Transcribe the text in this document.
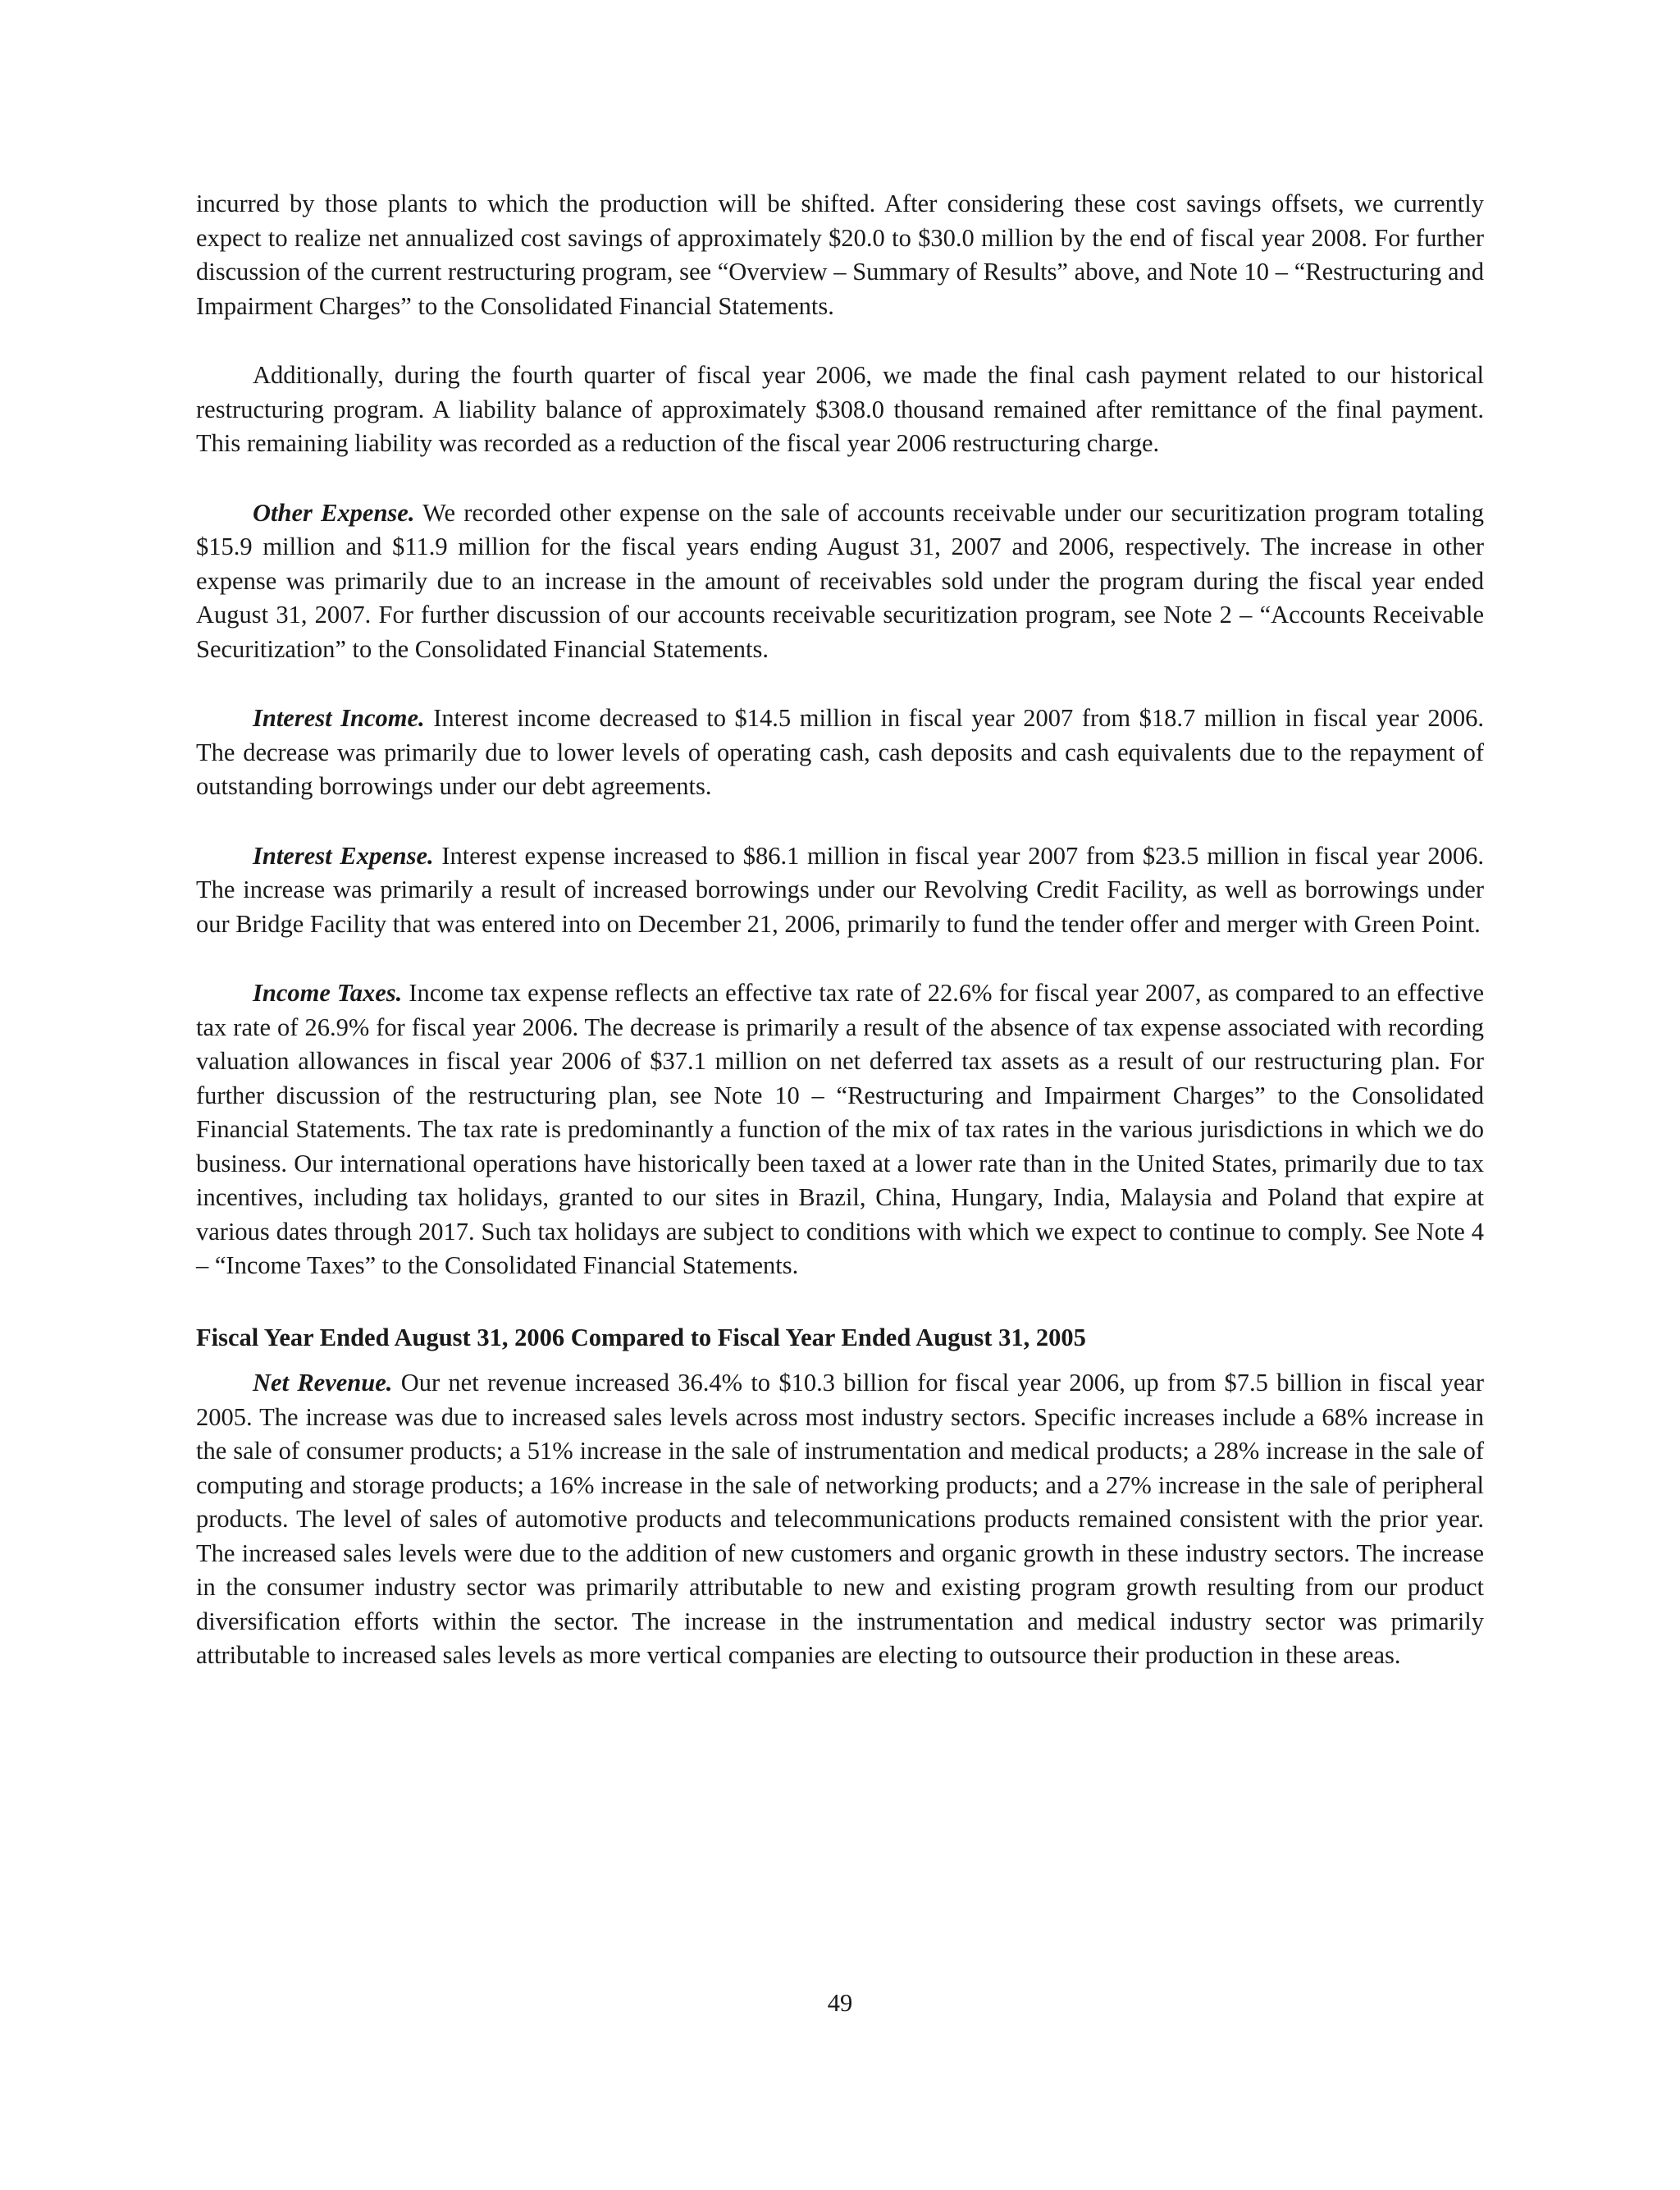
incurred by those plants to which the production will be shifted. After considering these cost savings offsets, we currently expect to realize net annualized cost savings of approximately $20.0 to $30.0 million by the end of fiscal year 2008. For further discussion of the current restructuring program, see “Overview – Summary of Results” above, and Note 10 – “Restructuring and Impairment Charges” to the Consolidated Financial Statements.

Additionally, during the fourth quarter of fiscal year 2006, we made the final cash payment related to our historical restructuring program. A liability balance of approximately $308.0 thousand remained after remittance of the final payment. This remaining liability was recorded as a reduction of the fiscal year 2006 restructuring charge.

Other Expense. We recorded other expense on the sale of accounts receivable under our securitization program totaling $15.9 million and $11.9 million for the fiscal years ending August 31, 2007 and 2006, respectively. The increase in other expense was primarily due to an increase in the amount of receivables sold under the program during the fiscal year ended August 31, 2007. For further discussion of our accounts receivable securitization program, see Note 2 – “Accounts Receivable Securitization” to the Consolidated Financial Statements.

Interest Income. Interest income decreased to $14.5 million in fiscal year 2007 from $18.7 million in fiscal year 2006. The decrease was primarily due to lower levels of operating cash, cash deposits and cash equivalents due to the repayment of outstanding borrowings under our debt agreements.

Interest Expense. Interest expense increased to $86.1 million in fiscal year 2007 from $23.5 million in fiscal year 2006. The increase was primarily a result of increased borrowings under our Revolving Credit Facility, as well as borrowings under our Bridge Facility that was entered into on December 21, 2006, primarily to fund the tender offer and merger with Green Point.

Income Taxes. Income tax expense reflects an effective tax rate of 22.6% for fiscal year 2007, as compared to an effective tax rate of 26.9% for fiscal year 2006. The decrease is primarily a result of the absence of tax expense associated with recording valuation allowances in fiscal year 2006 of $37.1 million on net deferred tax assets as a result of our restructuring plan. For further discussion of the restructuring plan, see Note 10 – “Restructuring and Impairment Charges” to the Consolidated Financial Statements. The tax rate is predominantly a function of the mix of tax rates in the various jurisdictions in which we do business. Our international operations have historically been taxed at a lower rate than in the United States, primarily due to tax incentives, including tax holidays, granted to our sites in Brazil, China, Hungary, India, Malaysia and Poland that expire at various dates through 2017. Such tax holidays are subject to conditions with which we expect to continue to comply. See Note 4 – “Income Taxes” to the Consolidated Financial Statements.

Fiscal Year Ended August 31, 2006 Compared to Fiscal Year Ended August 31, 2005

Net Revenue. Our net revenue increased 36.4% to $10.3 billion for fiscal year 2006, up from $7.5 billion in fiscal year 2005. The increase was due to increased sales levels across most industry sectors. Specific increases include a 68% increase in the sale of consumer products; a 51% increase in the sale of instrumentation and medical products; a 28% increase in the sale of computing and storage products; a 16% increase in the sale of networking products; and a 27% increase in the sale of peripheral products. The level of sales of automotive products and telecommunications products remained consistent with the prior year. The increased sales levels were due to the addition of new customers and organic growth in these industry sectors. The increase in the consumer industry sector was primarily attributable to new and existing program growth resulting from our product diversification efforts within the sector. The increase in the instrumentation and medical industry sector was primarily attributable to increased sales levels as more vertical companies are electing to outsource their production in these areas.

49
